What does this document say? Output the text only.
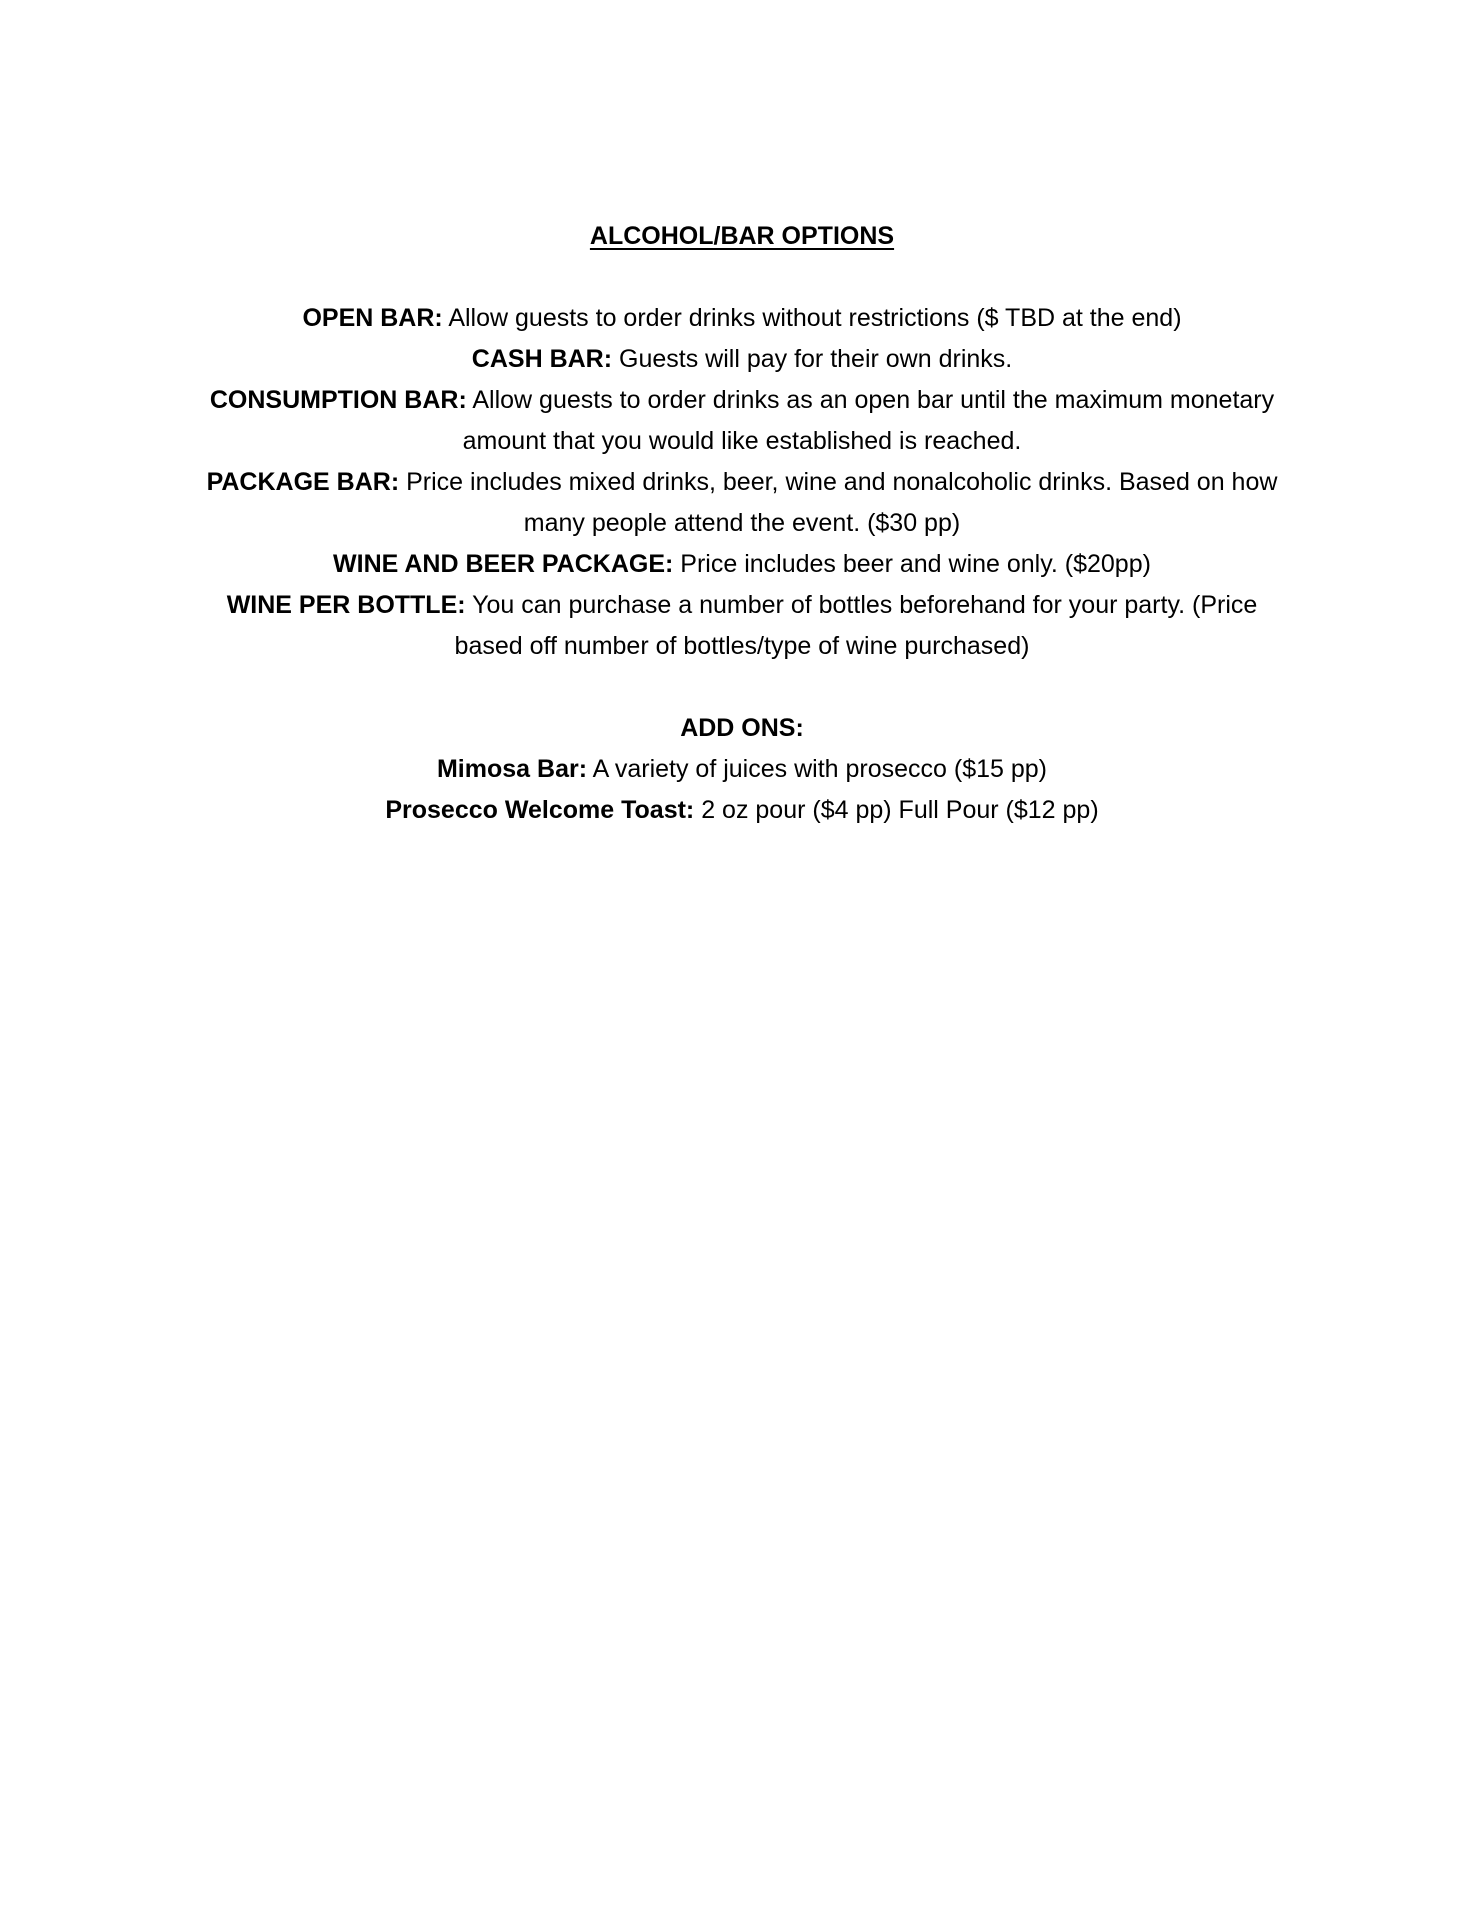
ALCOHOL/BAR OPTIONS

OPEN BAR: Allow guests to order drinks without restrictions ($ TBD at the end)

CASH BAR: Guests will pay for their own drinks.

CONSUMPTION BAR: Allow guests to order drinks as an open bar until the maximum monetary amount that you would like established is reached.

PACKAGE BAR: Price includes mixed drinks, beer, wine and nonalcoholic drinks. Based on how many people attend the event. ($30 pp)

WINE AND BEER PACKAGE: Price includes beer and wine only. ($20pp)

WINE PER BOTTLE: You can purchase a number of bottles beforehand for your party. (Price based off number of bottles/type of wine purchased)

ADD ONS:

Mimosa Bar: A variety of juices with prosecco ($15 pp)

Prosecco Welcome Toast: 2 oz pour ($4 pp) Full Pour ($12 pp)
